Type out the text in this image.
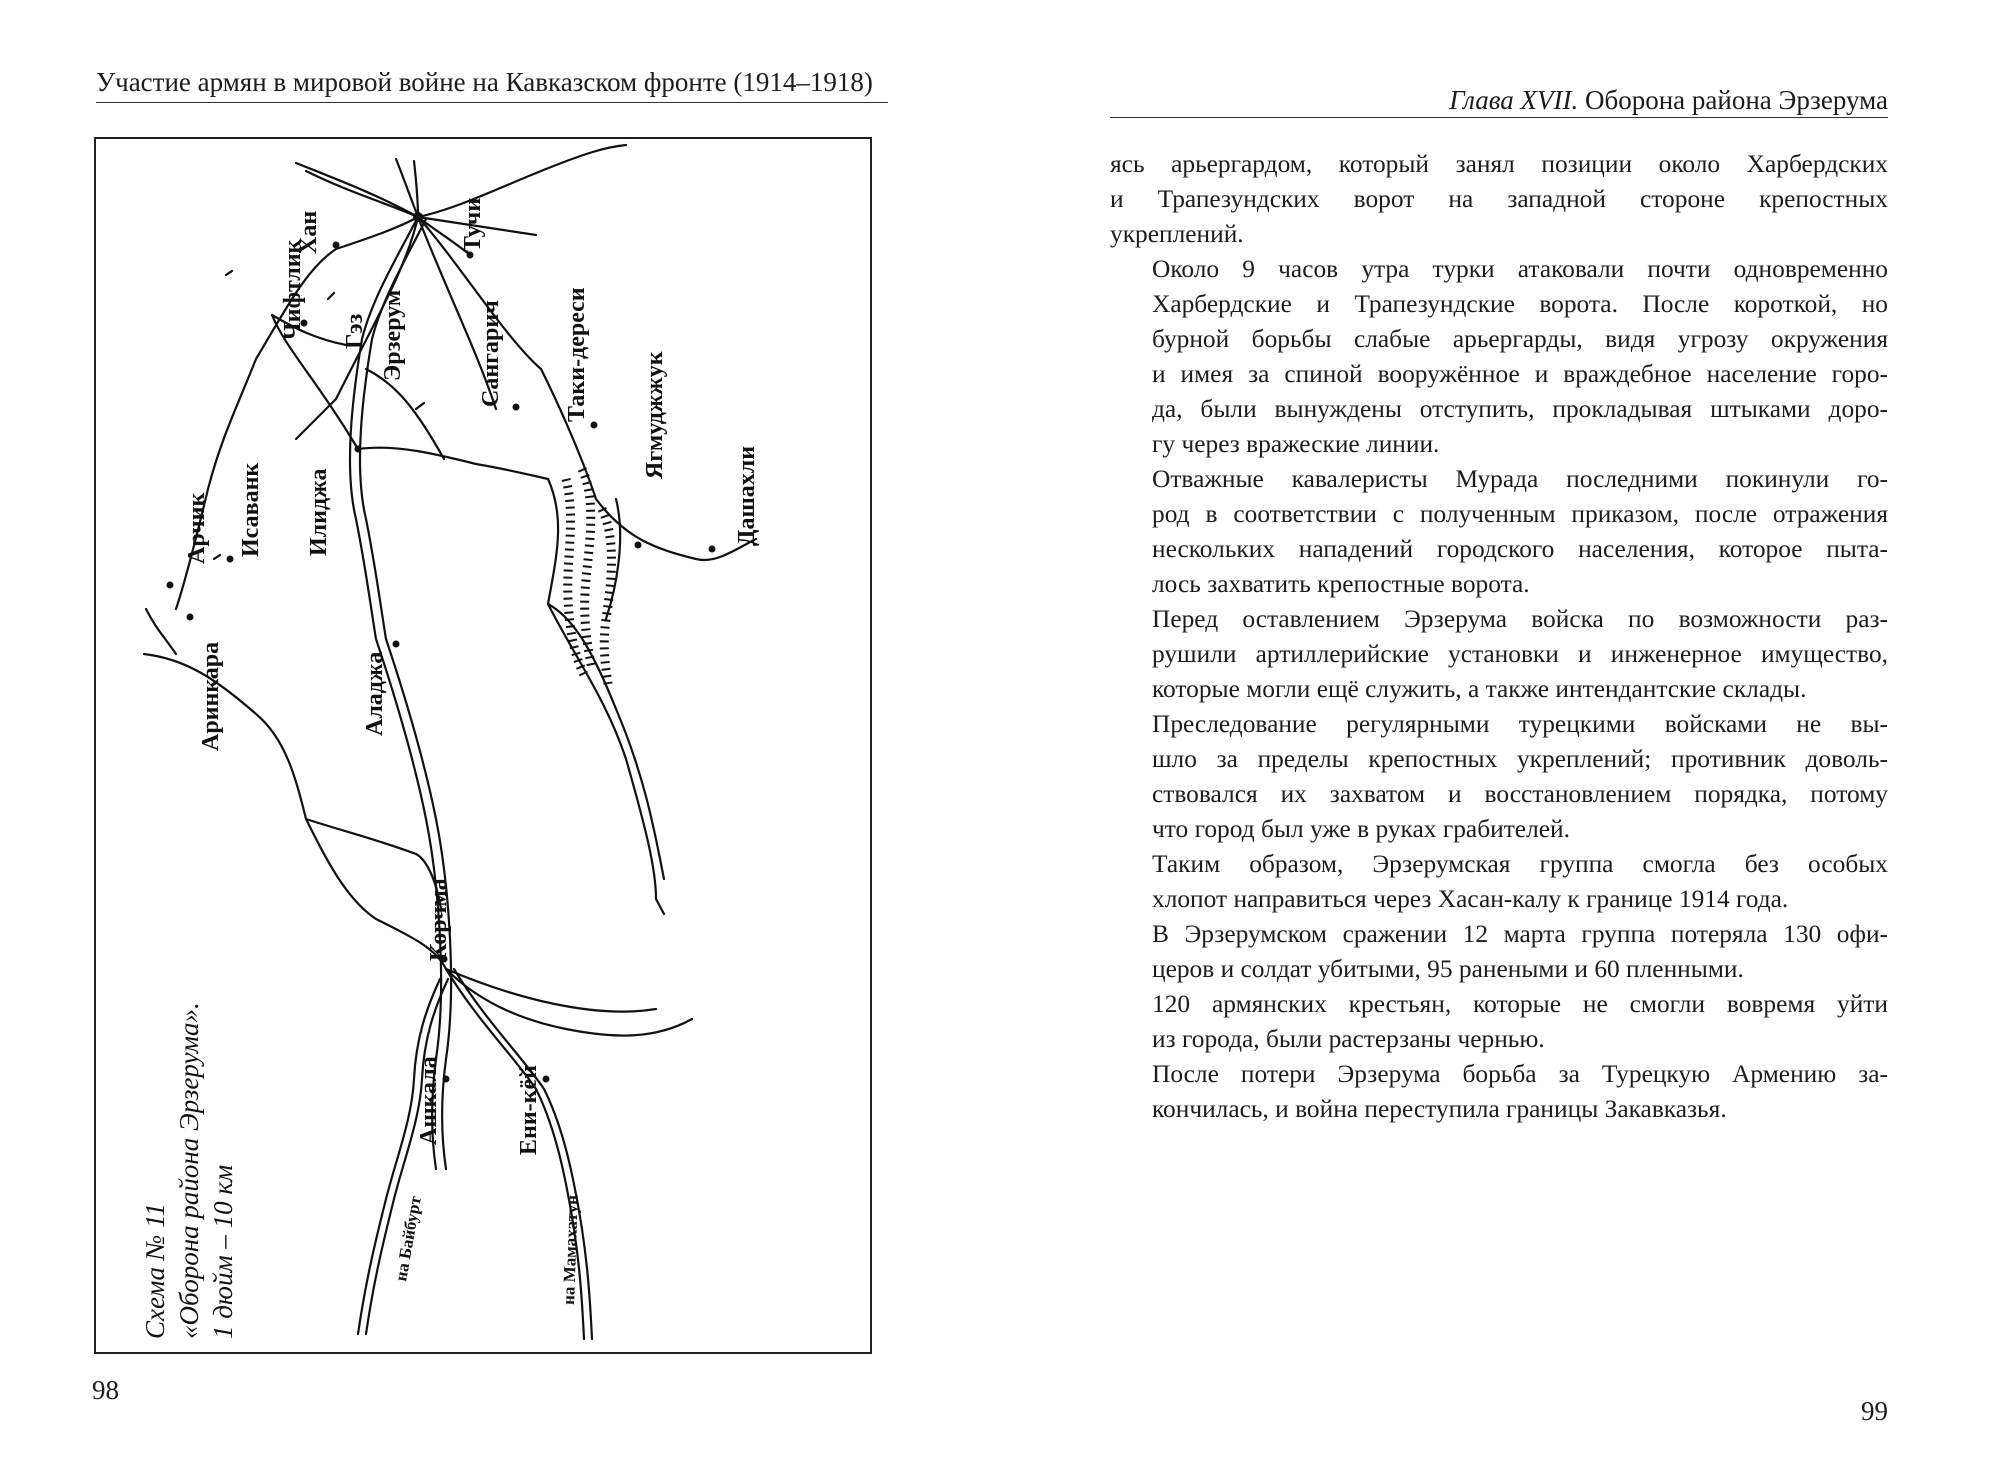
Участие армян в мировой войне на Кавказском фронте (1914–1918)
Хан
Чифтлик Гэз Эрзерум
Тучи
Сангарич	Таки-дереси Ягмуджжук
Дашахли
Арчик Исаванк Илиджа
Аринкара	Аладжа
Корчма
Ашкала	Ени-кёй
на Байбурт	на Мамахатун
Схема № 11 «Оборона района Эрзерума». 1 дюйм – 10 км
98
Глава XVII. Оборона района Эрзерума

ясь арьергардом, который занял позиции около Харбердских
и Трапезундских ворот на западной стороне крепостных
укреплений.

Около 9 часов утра турки атаковали почти одновременно
Харбердские и Трапезундские ворота. После короткой, но
бурной борьбы слабые арьергарды, видя угрозу окружения
и имея за спиной вооружённое и враждебное население горо-
да, были вынуждены отступить, прокладывая штыками доро-
гу через вражеские линии.

Отважные кавалеристы Мурада последними покинули го-
род в соответствии с полученным приказом, после отражения
нескольких нападений городского населения, которое пыта-
лось захватить крепостные ворота.

Перед оставлением Эрзерума войска по возможности раз-
рушили артиллерийские установки и инженерное имущество,
которые могли ещё служить, а также интендантские склады.

Преследование регулярными турецкими войсками не вы-
шло за пределы крепостных укреплений; противник доволь-
ствовался их захватом и восстановлением порядка, потому
что город был уже в руках грабителей.

Таким образом, Эрзерумская группа смогла без особых
хлопот направиться через Хасан-калу к границе 1914 года.

В Эрзерумском сражении 12 марта группа потеряла 130 офи-
церов и солдат убитыми, 95 ранеными и 60 пленными.

120 армянских крестьян, которые не смогли вовремя уйти
из города, были растерзаны чернью.

После потери Эрзерума борьба за Турецкую Армению за-
кончилась, и война переступила границы Закавказья.

99
